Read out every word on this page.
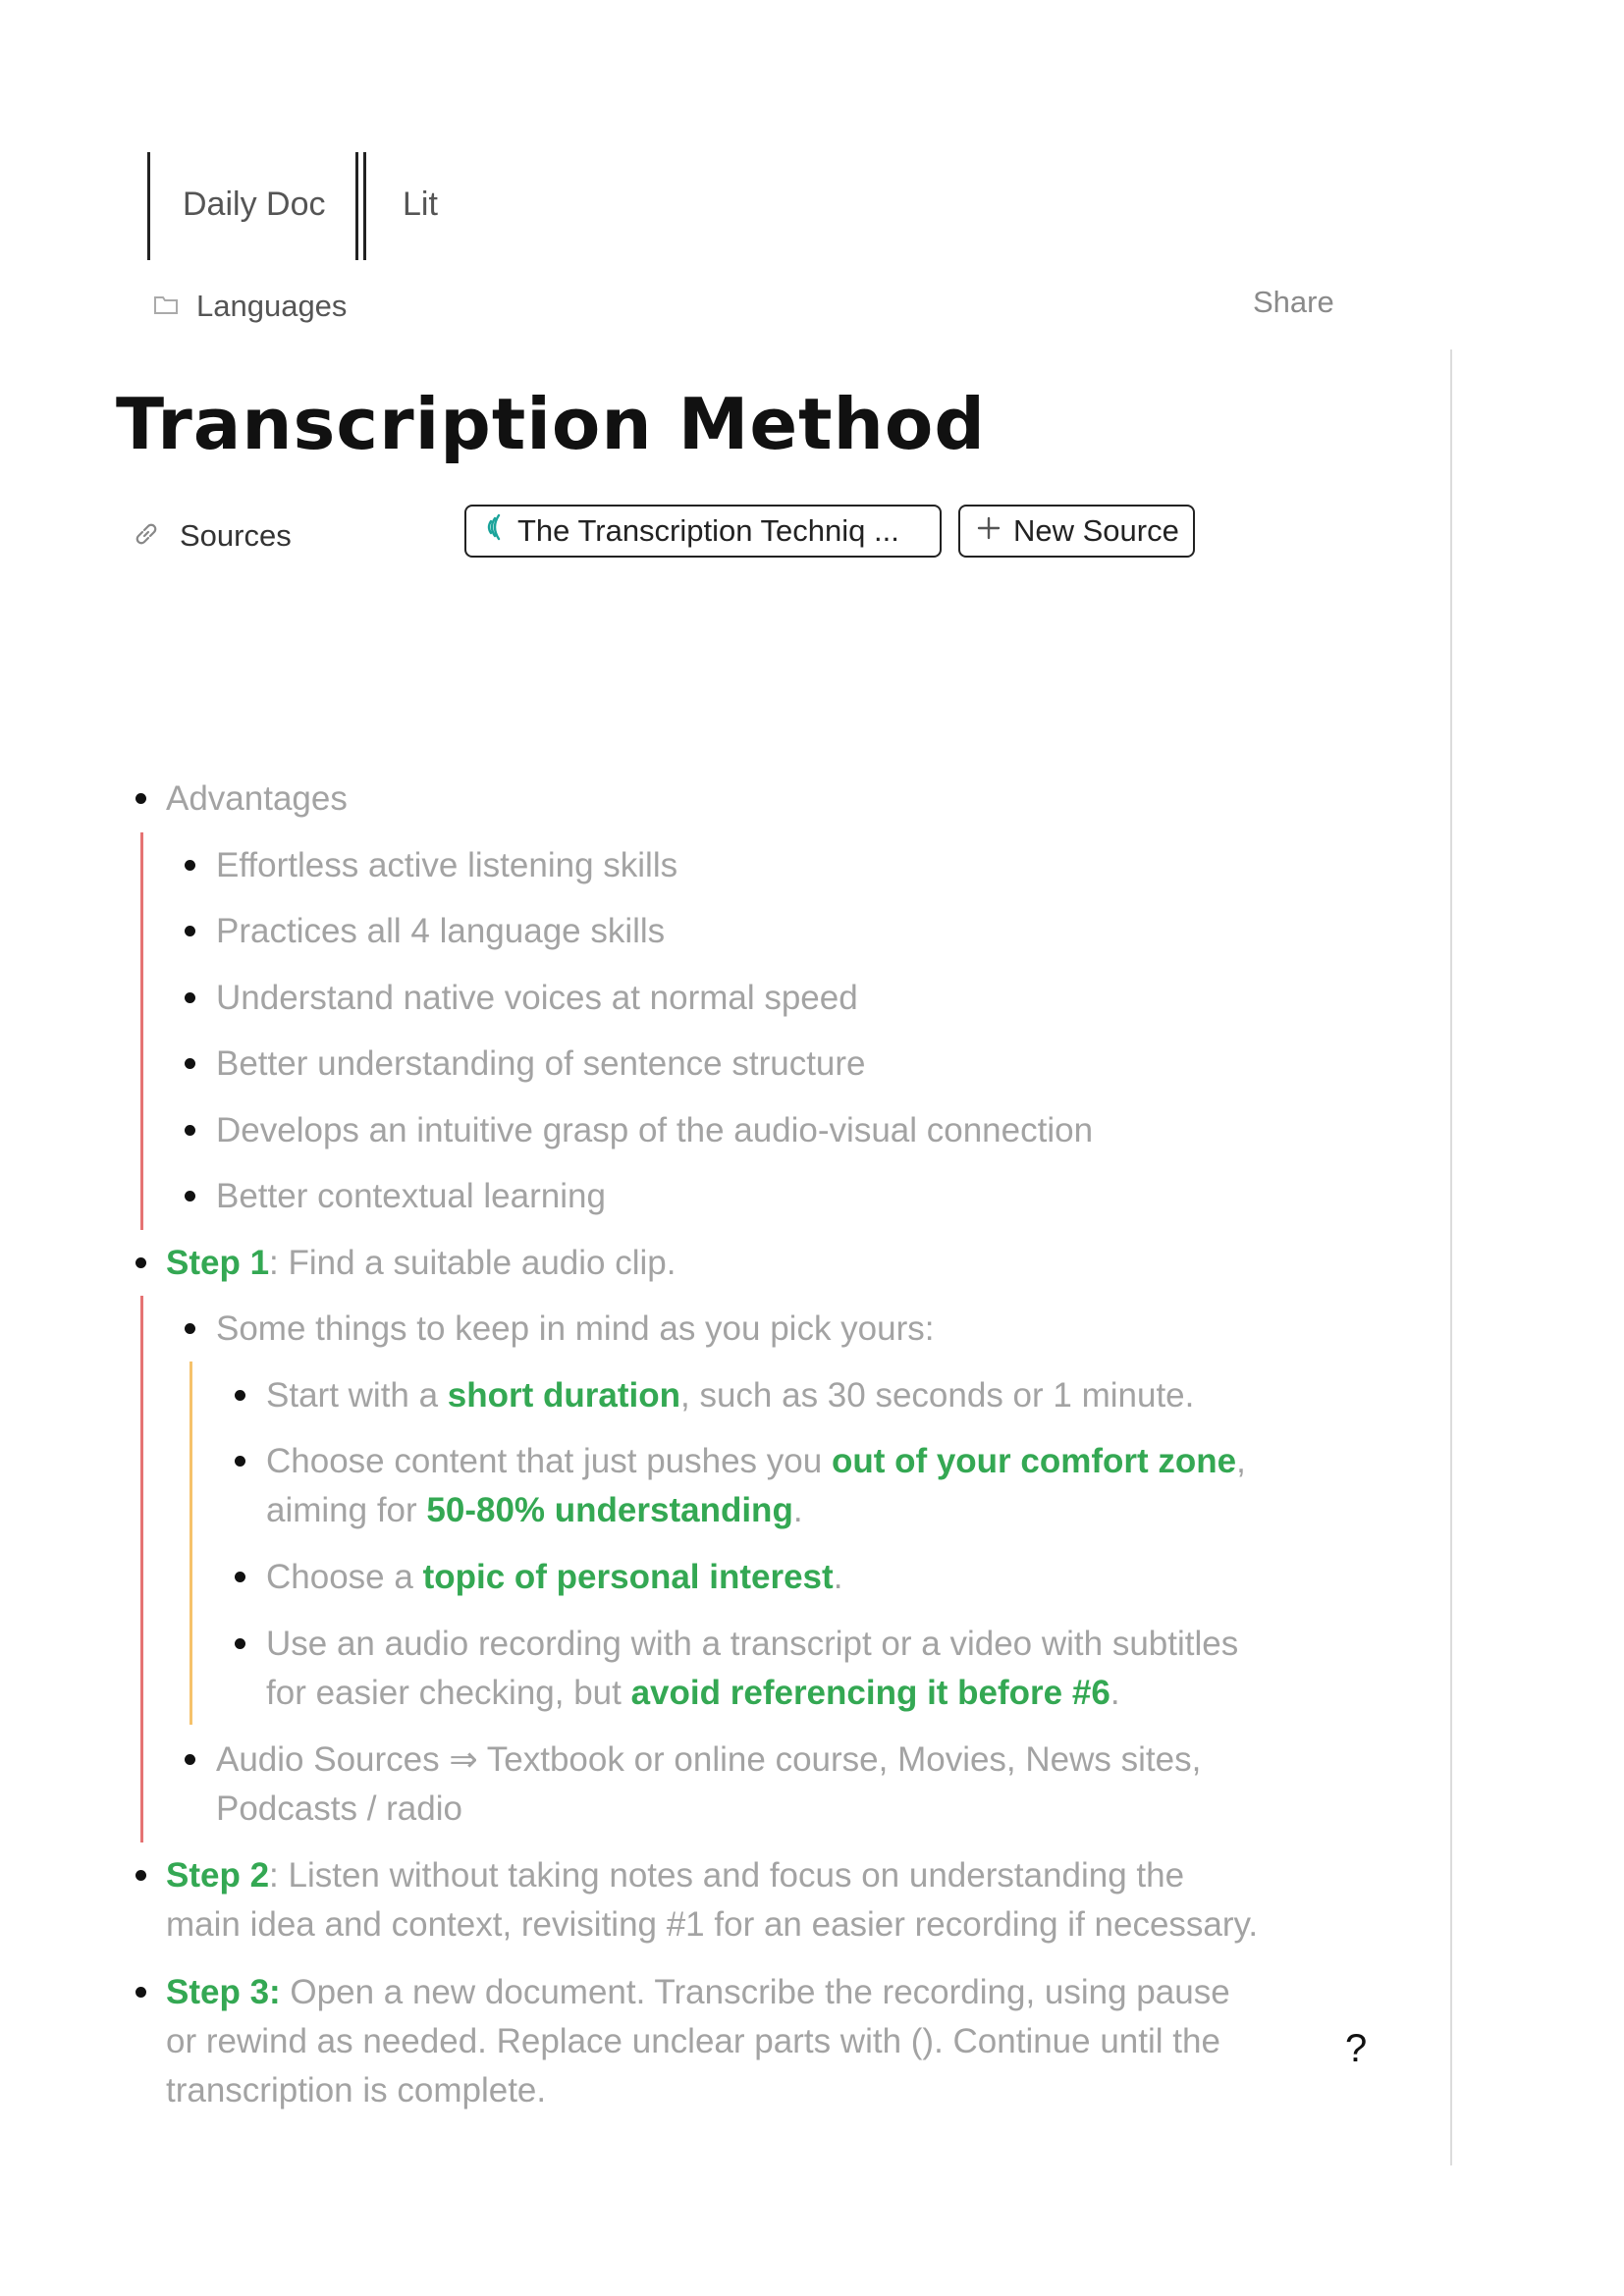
Daily Doc Lit
Languages	Share
Transcription Method
Sources	The Transcription Techniq ...	New Source
Advantages
Effortless active listening skills
Practices all 4 language skills
Understand native voices at normal speed
Better understanding of sentence structure
Develops an intuitive grasp of the audio-visual connection
Better contextual learning
Step 1: Find a suitable audio clip.
Some things to keep in mind as you pick yours:
Start with a short duration, such as 30 seconds or 1 minute.
Choose content that just pushes you out of your comfort zone,
aiming for 50-80% understanding.
Choose a topic of personal interest.
Use an audio recording with a transcript or a video with subtitles
for easier checking, but avoid referencing it before #6.
Audio Sources ⇒ Textbook or online course, Movies, News sites,
Podcasts / radio
Step 2: Listen without taking notes and focus on understanding the
main idea and context, revisiting #1 for an easier recording if necessary.
Step 3: Open a new document. Transcribe the recording, using pause
or rewind as needed. Replace unclear parts with (). Continue until the
transcription is complete.
?
